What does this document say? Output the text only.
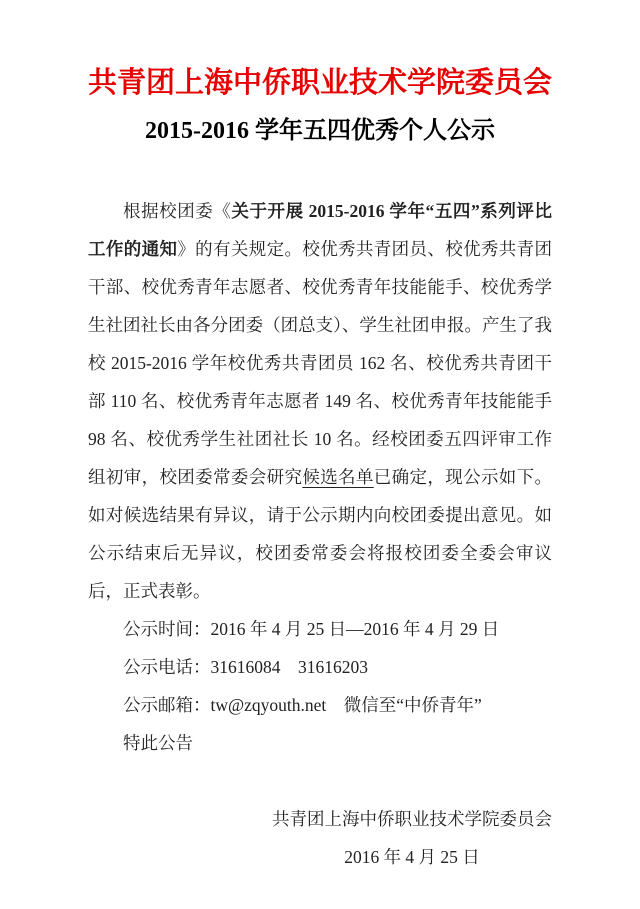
共青团上海中侨职业技术学院委员会
2015-2016 学年五四优秀个人公示

根据校团委《关于开展 2015-2016 学年“五四”系列评比工作的通知》的有关规定。校优秀共青团员、校优秀共青团干部、校优秀青年志愿者、校优秀青年技能能手、校优秀学生社团社长由各分团委（团总支）、学生社团申报。产生了我校 2015-2016 学年校优秀共青团员 162 名、校优秀共青团干部 110 名、校优秀青年志愿者 149 名、校优秀青年技能能手 98 名、校优秀学生社团社长 10 名。经校团委五四评审工作组初审，校团委常委会研究候选名单已确定，现公示如下。如对候选结果有异议，请于公示期内向校团委提出意见。如公示结束后无异议，校团委常委会将报校团委全委会审议后，正式表彰。

公示时间：2016 年 4 月 25 日—2016 年 4 月 29 日
公示电话：31616084    31616203
公示邮箱：tw@zqyouth.net    微信至“中侨青年”
特此公告
共青团上海中侨职业技术学院委员会
2016 年 4 月 25 日
